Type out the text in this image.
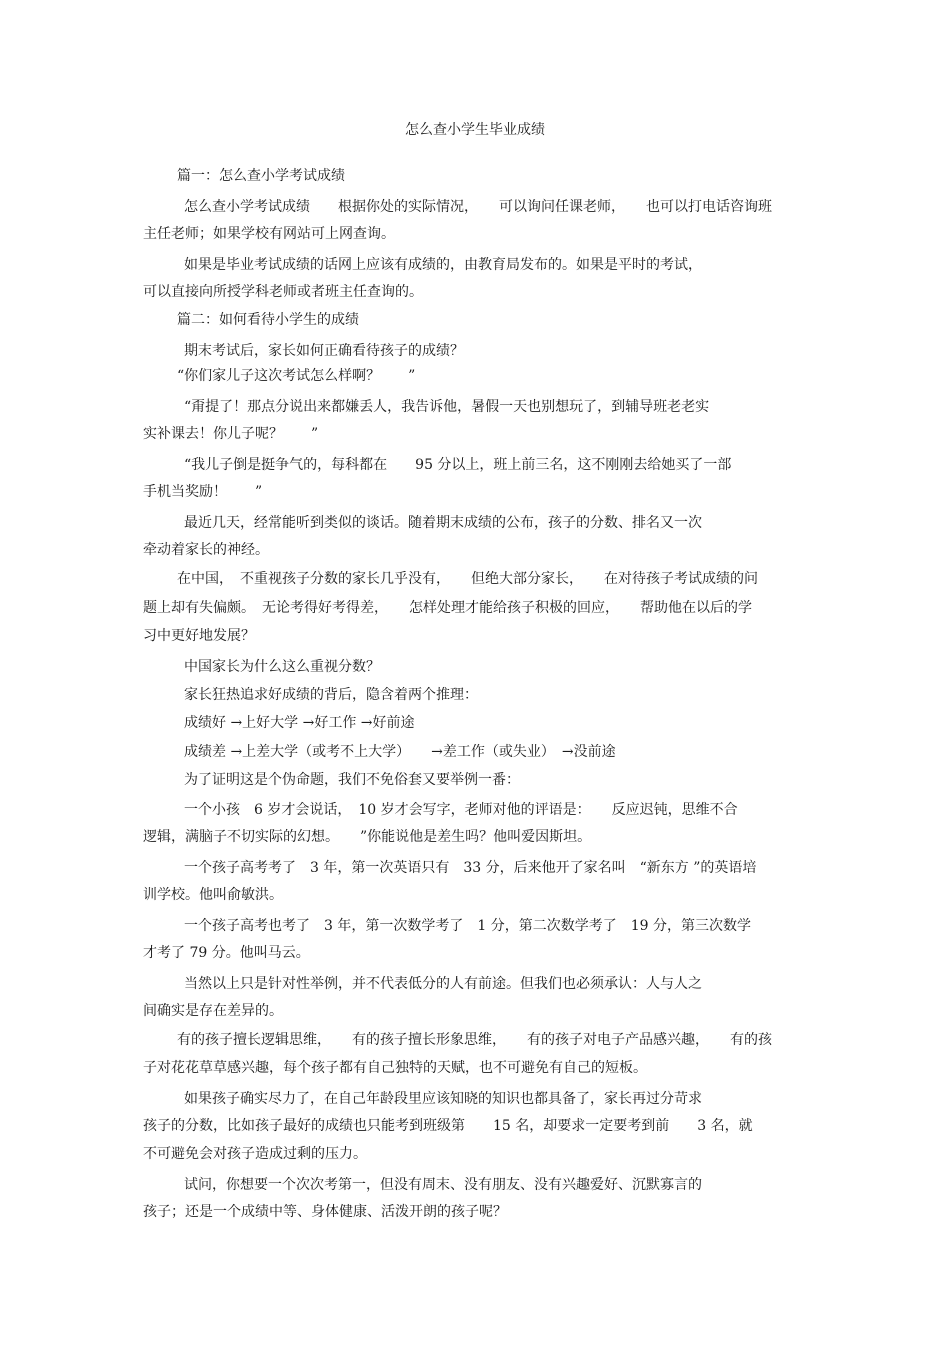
怎么查小学生毕业成绩
篇一：怎么查小学考试成绩
怎么查小学考试成绩　　根据你处的实际情况，　　可以询问任课老师，　　也可以打电话咨询班
主任老师；如果学校有网站可上网查询。
如果是毕业考试成绩的话网上应该有成绩的，由教育局发布的。如果是平时的考试，
可以直接向所授学科老师或者班主任查询的。
篇二：如何看待小学生的成绩
期末考试后，家长如何正确看待孩子的成绩？
“你们家儿子这次考试怎么样啊？　　”
“甭提了！那点分说出来都嫌丢人，我告诉他，暑假一天也别想玩了，到辅导班老老实
实补课去！你儿子呢？　　”
“我儿子倒是挺争气的，每科都在　　95 分以上，班上前三名，这不刚刚去给她买了一部
手机当奖励！　　”
最近几天，经常能听到类似的谈话。随着期末成绩的公布，孩子的分数、排名又一次
牵动着家长的神经。
在中国，　不重视孩子分数的家长几乎没有，　　但绝大部分家长，　　在对待孩子考试成绩的问
题上却有失偏颇。　无论考得好考得差，　　怎样处理才能给孩子积极的回应，　　帮助他在以后的学
习中更好地发展？
中国家长为什么这么重视分数？
家长狂热追求好成绩的背后，隐含着两个推理：
成绩好 →上好大学 →好工作 →好前途
成绩差 →上差大学（或考不上大学）　　→差工作（或失业）　→没前途
为了证明这是个伪命题，我们不免俗套又要举例一番：
一个小孩　6 岁才会说话，　10 岁才会写字，老师对他的评语是：　　反应迟钝，思维不合
逻辑，满脑子不切实际的幻想。　　”你能说他是差生吗？他叫爱因斯坦。
一个孩子高考考了　3 年，第一次英语只有　33 分，后来他开了家名叫　“新东方 ”的英语培
训学校。他叫俞敏洪。
一个孩子高考也考了　3 年，第一次数学考了　1 分，第二次数学考了　19 分，第三次数学
才考了 79 分。他叫马云。
当然以上只是针对性举例，并不代表低分的人有前途。但我们也必须承认：人与人之
间确实是存在差异的。
有的孩子擅长逻辑思维，　　有的孩子擅长形象思维，　　有的孩子对电子产品感兴趣，　　有的孩
子对花花草草感兴趣，每个孩子都有自己独特的天赋，也不可避免有自己的短板。
如果孩子确实尽力了，在自己年龄段里应该知晓的知识也都具备了，家长再过分苛求
孩子的分数，比如孩子最好的成绩也只能考到班级第　　15 名，却要求一定要考到前　　3 名，就
不可避免会对孩子造成过剩的压力。
试问，你想要一个次次考第一，但没有周末、没有朋友、没有兴趣爱好、沉默寡言的
孩子；还是一个成绩中等、身体健康、活泼开朗的孩子呢？
